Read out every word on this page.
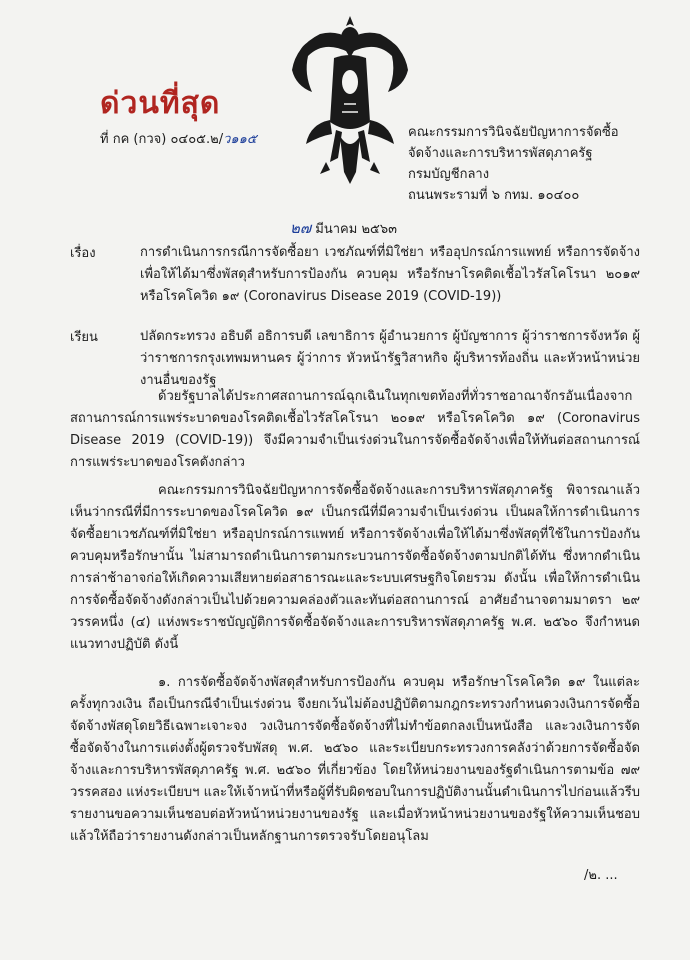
ด่วนที่สุด
ที่ กค (กวจ) ๐๔๐๕.๒/ว๑๑๕	คณะกรรมการวินิจฉัยปัญหาการจัดซื้อ
จัดจ้างและการบริหารพัสดุภาครัฐ
กรมบัญชีกลาง
ถนนพระรามที่ ๖ กทม. ๑๐๔๐๐
๒๗ มีนาคม ๒๕๖๓
เรื่อง	การดำเนินการกรณีการจัดซื้อยา เวชภัณฑ์ที่มิใช่ยา หรืออุปกรณ์การแพทย์ หรือการจัดจ้างเพื่อให้ได้มาซึ่งพัสดุสำหรับการป้องกัน ควบคุม หรือรักษาโรคติดเชื้อไวรัสโคโรนา ๒๐๑๙ หรือโรคโควิด ๑๙ (Coronavirus Disease 2019 (COVID-19))

เรียน	ปลัดกระทรวง อธิบดี อธิการบดี เลขาธิการ ผู้อำนวยการ ผู้บัญชาการ ผู้ว่าราชการจังหวัด ผู้ว่าราชการกรุงเทพมหานคร ผู้ว่าการ หัวหน้ารัฐวิสาหกิจ ผู้บริหารท้องถิ่น และหัวหน้าหน่วยงานอื่นของรัฐ

ด้วยรัฐบาลได้ประกาศสถานการณ์ฉุกเฉินในทุกเขตท้องที่ทั่วราชอาณาจักรอันเนื่องจากสถานการณ์การแพร่ระบาดของโรคติดเชื้อไวรัสโคโรนา ๒๐๑๙ หรือโรคโควิด ๑๙ (Coronavirus Disease 2019 (COVID-19)) จึงมีความจำเป็นเร่งด่วนในการจัดซื้อจัดจ้างเพื่อให้ทันต่อสถานการณ์การแพร่ระบาดของโรคดังกล่าว

คณะกรรมการวินิจฉัยปัญหาการจัดซื้อจัดจ้างและการบริหารพัสดุภาครัฐ พิจารณาแล้วเห็นว่ากรณีที่มีการระบาดของโรคโควิด ๑๙ เป็นกรณีที่มีความจำเป็นเร่งด่วน เป็นผลให้การดำเนินการจัดซื้อยาเวชภัณฑ์ที่มิใช่ยา หรืออุปกรณ์การแพทย์ หรือการจัดจ้างเพื่อให้ได้มาซึ่งพัสดุที่ใช้ในการป้องกัน ควบคุมหรือรักษานั้น ไม่สามารถดำเนินการตามกระบวนการจัดซื้อจัดจ้างตามปกติได้ทัน ซึ่งหากดำเนินการล่าช้าอาจก่อให้เกิดความเสียหายต่อสาธารณะและระบบเศรษฐกิจโดยรวม ดังนั้น เพื่อให้การดำเนินการจัดซื้อจัดจ้างดังกล่าวเป็นไปด้วยความคล่องตัวและทันต่อสถานการณ์ อาศัยอำนาจตามมาตรา ๒๙ วรรคหนึ่ง (๔) แห่งพระราชบัญญัติการจัดซื้อจัดจ้างและการบริหารพัสดุภาครัฐ พ.ศ. ๒๕๖๐ จึงกำหนดแนวทางปฏิบัติ ดังนี้

๑. การจัดซื้อจัดจ้างพัสดุสำหรับการป้องกัน ควบคุม หรือรักษาโรคโควิด ๑๙ ในแต่ละครั้งทุกวงเงิน ถือเป็นกรณีจำเป็นเร่งด่วน จึงยกเว้นไม่ต้องปฏิบัติตามกฎกระทรวงกำหนดวงเงินการจัดซื้อจัดจ้างพัสดุโดยวิธีเฉพาะเจาะจง วงเงินการจัดซื้อจัดจ้างที่ไม่ทำข้อตกลงเป็นหนังสือ และวงเงินการจัดซื้อจัดจ้างในการแต่งตั้งผู้ตรวจรับพัสดุ พ.ศ. ๒๕๖๐ และระเบียบกระทรวงการคลังว่าด้วยการจัดซื้อจัดจ้างและการบริหารพัสดุภาครัฐ พ.ศ. ๒๕๖๐ ที่เกี่ยวข้อง โดยให้หน่วยงานของรัฐดำเนินการตามข้อ ๗๙ วรรคสอง แห่งระเบียบฯ และให้เจ้าหน้าที่หรือผู้ที่รับผิดชอบในการปฏิบัติงานนั้นดำเนินการไปก่อนแล้วรีบรายงานขอความเห็นชอบต่อหัวหน้าหน่วยงานของรัฐ และเมื่อหัวหน้าหน่วยงานของรัฐให้ความเห็นชอบแล้วให้ถือว่ารายงานดังกล่าวเป็นหลักฐานการตรวจรับโดยอนุโลม

/๒. ...
